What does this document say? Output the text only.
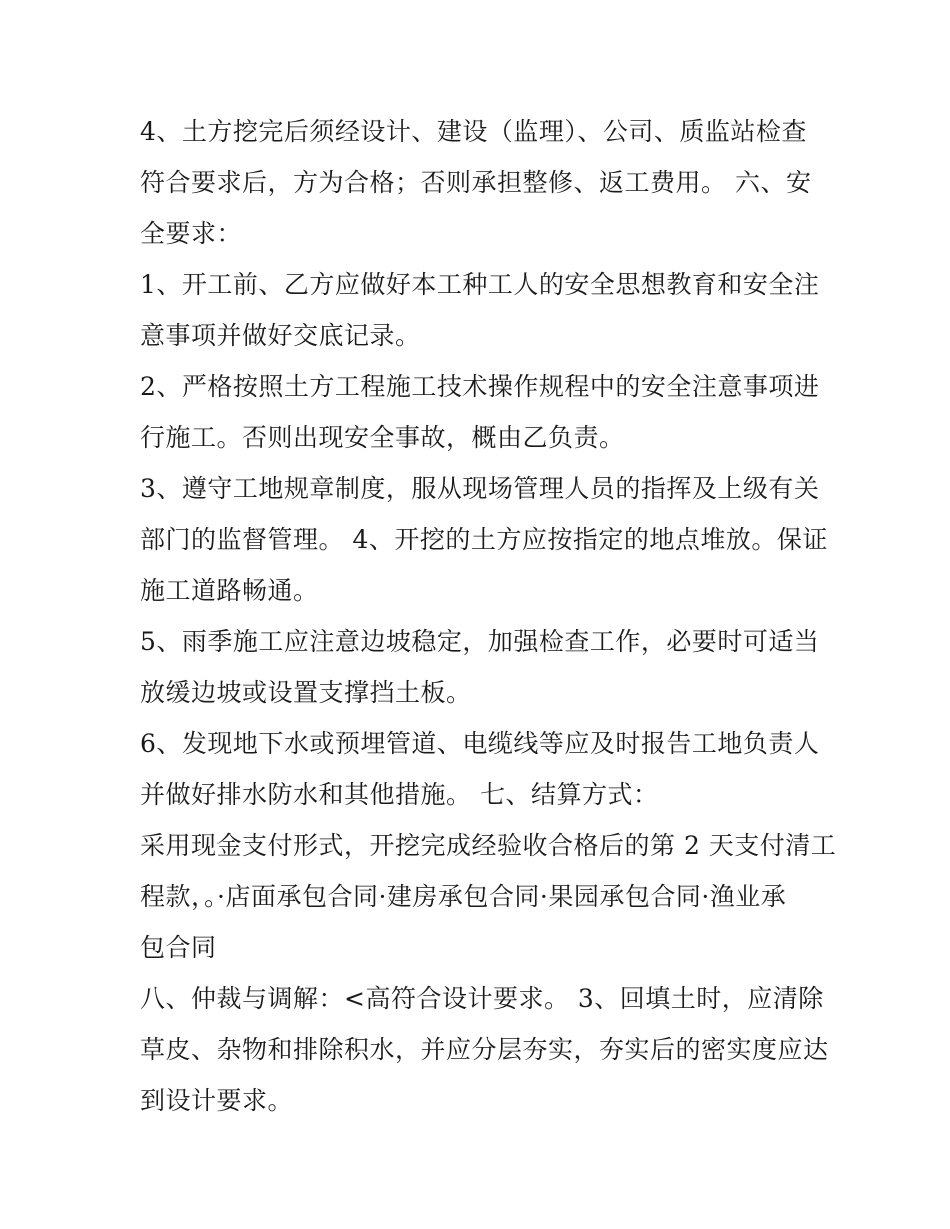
4、土方挖完后须经设计、建设（监理）、公司、质监站检查
符合要求后，方为合格；否则承担整修、返工费用。 六、安
全要求：
1、开工前、乙方应做好本工种工人的安全思想教育和安全注
意事项并做好交底记录。
2、严格按照土方工程施工技术操作规程中的安全注意事项进
行施工。否则出现安全事故，概由乙负责。
3、遵守工地规章制度，服从现场管理人员的指挥及上级有关
部门的监督管理。 4、开挖的土方应按指定的地点堆放。保证
施工道路畅通。
5、雨季施工应注意边坡稳定，加强检查工作，必要时可适当
放缓边坡或设置支撑挡土板。
6、发现地下水或预埋管道、电缆线等应及时报告工地负责人
并做好排水防水和其他措施。 七、结算方式：
采用现金支付形式，开挖完成经验收合格后的第 2 天支付清工
程款，。·店面承包合同·建房承包合同·果园承包合同·渔业承
包合同
八、仲裁与调解：<高符合设计要求。 3、回填土时，应清除
草皮、杂物和排除积水，并应分层夯实，夯实后的密实度应达
到设计要求。
